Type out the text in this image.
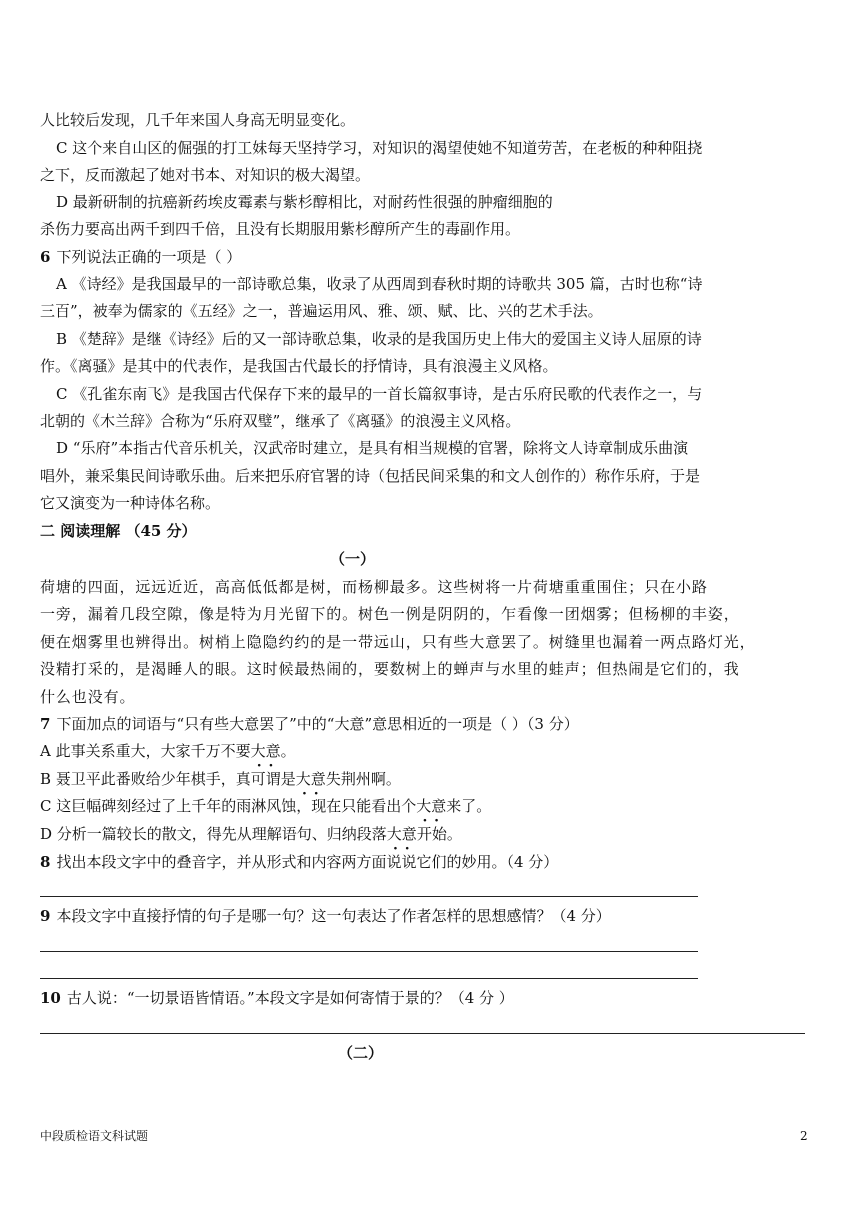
人比较后发现，几千年来国人身高无明显变化。
C 这个来自山区的倔强的打工妹每天坚持学习，对知识的渴望使她不知道劳苦，在老板的种种阻挠
之下，反而激起了她对书本、对知识的极大渴望。
D 最新研制的抗癌新药埃皮霉素与紫杉醇相比，对耐药性很强的肿瘤细胞的
杀伤力要高出两千到四千倍，且没有长期服用紫杉醇所产生的毒副作用。
6 下列说法正确的一项是（ ）
A 《诗经》是我国最早的一部诗歌总集，收录了从西周到春秋时期的诗歌共 305 篇，古时也称“诗
三百”，被奉为儒家的《五经》之一，普遍运用风、雅、颂、赋、比、兴的艺术手法。
B 《楚辞》是继《诗经》后的又一部诗歌总集，收录的是我国历史上伟大的爱国主义诗人屈原的诗
作。《离骚》是其中的代表作，是我国古代最长的抒情诗，具有浪漫主义风格。
C 《孔雀东南飞》是我国古代保存下来的最早的一首长篇叙事诗，是古乐府民歌的代表作之一，与
北朝的《木兰辞》合称为“乐府双璧”，继承了《离骚》的浪漫主义风格。
D “乐府”本指古代音乐机关，汉武帝时建立，是具有相当规模的官署，除将文人诗章制成乐曲演
唱外，兼采集民间诗歌乐曲。后来把乐府官署的诗（包括民间采集的和文人创作的）称作乐府，于是
它又演变为一种诗体名称。
二 阅读理解 （45 分）
（一）
荷塘的四面，远远近近，高高低低都是树，而杨柳最多。这些树将一片荷塘重重围住；只在小路
一旁，漏着几段空隙，像是特为月光留下的。树色一例是阴阴的，乍看像一团烟雾；但杨柳的丰姿，
便在烟雾里也辨得出。树梢上隐隐约约的是一带远山，只有些大意罢了。树缝里也漏着一两点路灯光，
没精打采的，是渴睡人的眼。这时候最热闹的，要数树上的蝉声与水里的蛙声；但热闹是它们的，我
什么也没有。
7 下面加点的词语与“只有些大意罢了”中的“大意”意思相近的一项是（ ）（3 分）
A 此事关系重大，大家千万不要大意 · ·。
B 聂卫平此番败给少年棋手，真可谓是大意 · ·失荆州啊。
C 这巨幅碑刻经过了上千年的雨淋风蚀，现在只能看出个大意 · ·来了。
D 分析一篇较长的散文，得先从理解语句、归纳段落大意 · ·开始。
8 找出本段文字中的叠音字，并从形式和内容两方面说说它们的妙用。（4 分）
9 本段文字中直接抒情的句子是哪一句？这一句表达了作者怎样的思想感情？（4 分）
10 古人说：“一切景语皆情语。”本段文字是如何寄情于景的？（4 分 ）
（二）
中段质检语文科试题	2
